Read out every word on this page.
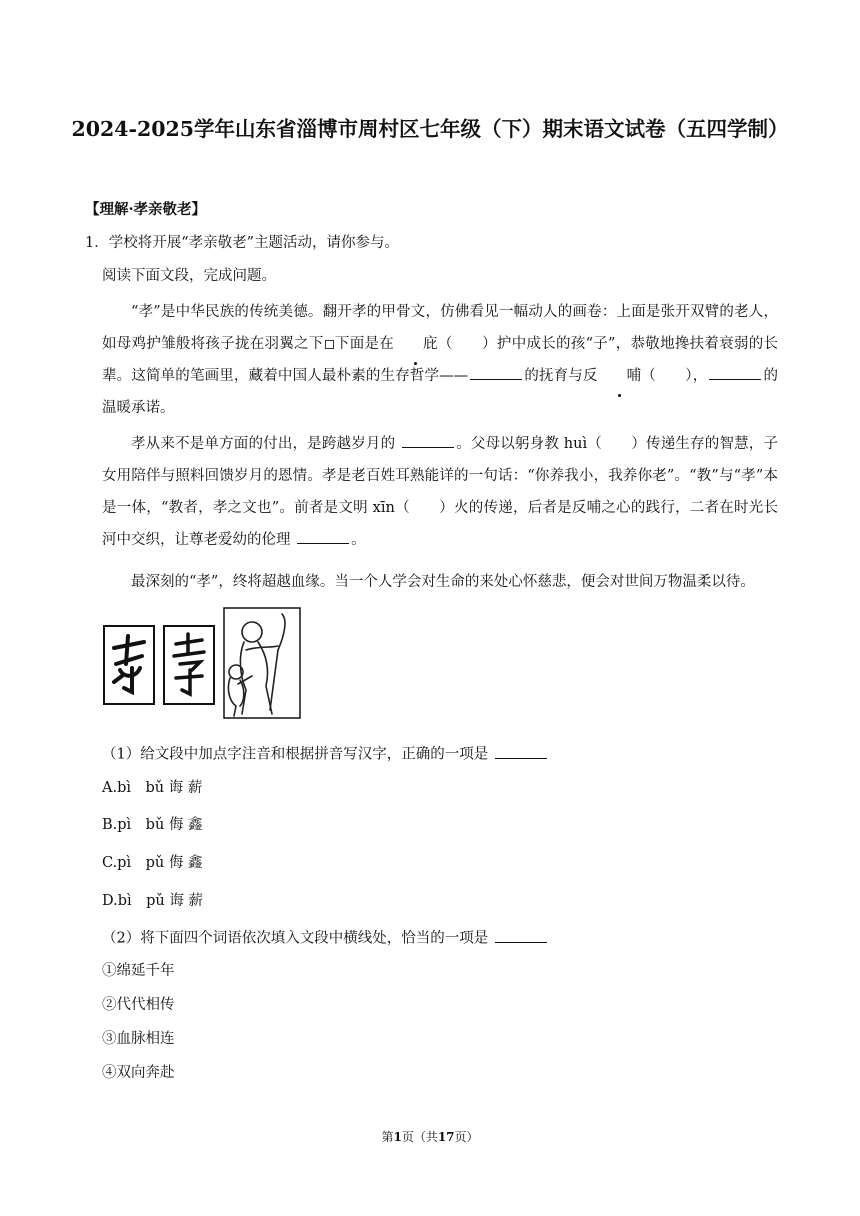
2024-2025学年山东省淄博市周村区七年级（下）期末语文试卷（五四学制）
【理解·孝亲敬老】
1．学校将开展“孝亲敬老”主题活动，请你参与。
阅读下面文段，完成问题。
“孝”是中华民族的传统美德。翻开孝的甲骨文，仿佛看见一幅动人的画卷：上面是张开双臂的老人，如母鸡护雏般将孩子拢在羽翼之下 下面是在 庇（　　）护中成长的孩“子”，恭敬地搀扶着衰弱的长辈。这简单的笔画里，藏着中国人最朴素的生存哲学——	的抚育与反 哺（　　），	的温暖承诺。
孝从来不是单方面的付出，是跨越岁月的	。父母以躬身教 huì（　　）传递生存的智慧，子女用陪伴与照料回馈岁月的恩情。孝是老百姓耳熟能详的一句话：“你养我小，我养你老”。“教”与“孝”本是一体，“教者，孝之文也”。前者是文明 xīn（　　）火的传递，后者是反哺之心的践行，二者在时光长河中交织，让尊老爱幼的伦理	。
最深刻的“孝”，终将超越血缘。当一个人学会对生命的来处心怀慈悲，便会对世间万物温柔以待。
（1）给文段中加点字注音和根据拼音写汉字，正确的一项是
A.bì　bǔ 诲 薪
B.pì　bǔ 侮 鑫
C.pì　pǔ 侮 鑫
D.bì　pǔ 诲 薪
（2）将下面四个词语依次填入文段中横线处，恰当的一项是
①绵延千年
②代代相传
③血脉相连
④双向奔赴
第1页（共17页）
